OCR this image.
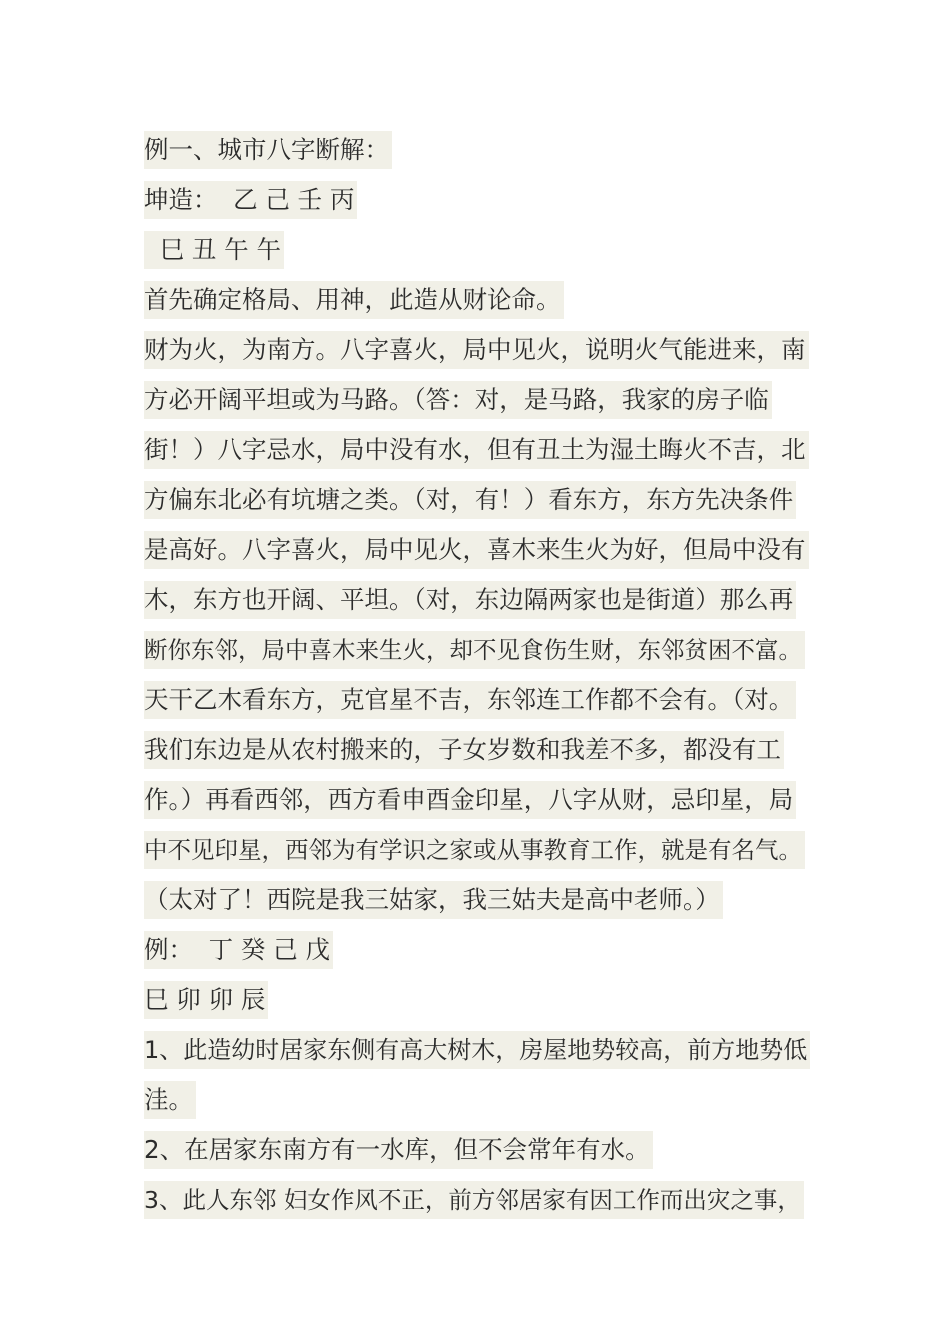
例一、城市八字断解：
坤造：  乙 己 壬 丙
巳 丑 午 午
首先确定格局、用神，此造从财论命。
财为火，为南方。八字喜火，局中见火，说明火气能进来，南
方必开阔平坦或为马路。（答：对，是马路，我家的房子临
街！）八字忌水，局中没有水，但有丑土为湿土晦火不吉，北
方偏东北必有坑塘之类。（对，有！）看东方，东方先决条件
是高好。八字喜火，局中见火，喜木来生火为好，但局中没有
木，东方也开阔、平坦。（对，东边隔两家也是街道）那么再
断你东邻，局中喜木来生火，却不见食伤生财，东邻贫困不富。
天干乙木看东方，克官星不吉，东邻连工作都不会有。（对。
我们东边是从农村搬来的，子女岁数和我差不多，都没有工
作。）再看西邻，西方看申酉金印星，八字从财，忌印星，局
中不见印星，西邻为有学识之家或从事教育工作，就是有名气。
（太对了！西院是我三姑家，我三姑夫是高中老师。）
例：  丁 癸 己 戊
巳 卯 卯 辰
1、此造幼时居家东侧有高大树木，房屋地势较高，前方地势低
洼。
2、在居家东南方有一水库，但不会常年有水。
3、此人东邻 妇女作风不正，前方邻居家有因工作而出灾之事，
